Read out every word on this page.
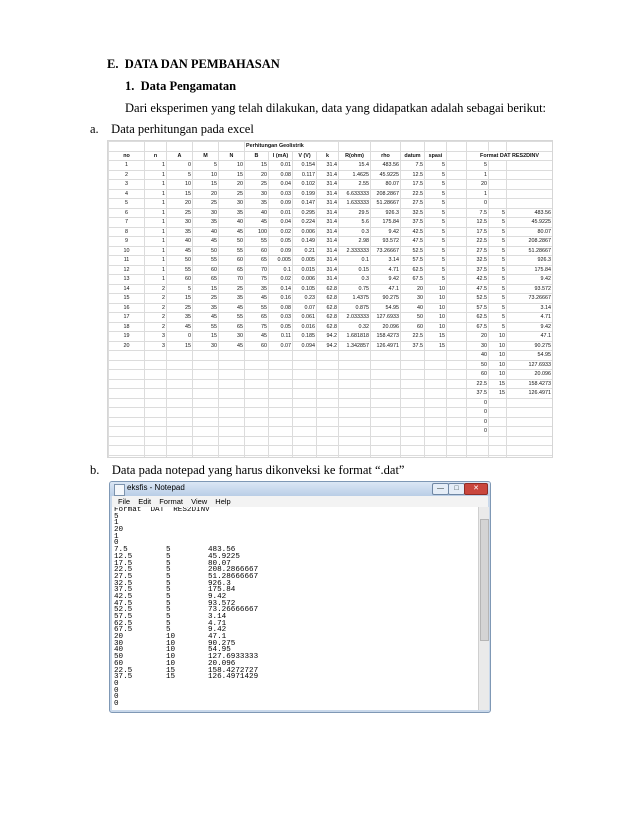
E.  DATA DAN PEMBAHASAN
1.  Data Pengamatan
Dari eksperimen yang telah dilakukan, data yang didapatkan adalah sebagai berikut:
a.    Data perhitungan pada excel
					Perhitungan Geolistrik											
no	n	A	M	N	B	I (mA)	V (V)	k	R(ohm)	rho	datum	spasi		Format DAT RES2DINV		
1	1	0	5	10	15	0.01	0.154	31.4	15.4	483.56	7.5	5		5		
2	1	5	10	15	20	0.08	0.117	31.4	1.4625	45.9225	12.5	5		1		
3	1	10	15	20	25	0.04	0.102	31.4	2.55	80.07	17.5	5		20		
4	1	15	20	25	30	0.03	0.199	31.4	6.633333	208.2867	22.5	5		1		
5	1	20	25	30	35	0.09	0.147	31.4	1.633333	51.28667	27.5	5		0		
6	1	25	30	35	40	0.01	0.295	31.4	29.5	926.3	32.5	5		7.5	5	483.56
7	1	30	35	40	45	0.04	0.224	31.4	5.6	175.84	37.5	5		12.5	5	45.9225
8	1	35	40	45	100	0.02	0.006	31.4	0.3	9.42	42.5	5		17.5	5	80.07
9	1	40	45	50	55	0.05	0.149	31.4	2.98	93.572	47.5	5		22.5	5	208.2867
10	1	45	50	55	60	0.09	0.21	31.4	2.333333	73.26667	52.5	5		27.5	5	51.28667
11	1	50	55	60	65	0.005	0.005	31.4	0.1	3.14	57.5	5		32.5	5	926.3
12	1	55	60	65	70	0.1	0.015	31.4	0.15	4.71	62.5	5		37.5	5	175.84
13	1	60	65	70	75	0.02	0.006	31.4	0.3	9.42	67.5	5		42.5	5	9.42
14	2	5	15	25	35	0.14	0.105	62.8	0.75	47.1	20	10		47.5	5	93.572
15	2	15	25	35	45	0.16	0.23	62.8	1.4375	90.275	30	10		52.5	5	73.26667
16	2	25	35	45	55	0.08	0.07	62.8	0.875	54.95	40	10		57.5	5	3.14
17	2	35	45	55	65	0.03	0.061	62.8	2.033333	127.6933	50	10		62.5	5	4.71
18	2	45	55	65	75	0.05	0.016	62.8	0.32	20.096	60	10		67.5	5	9.42
19	3	0	15	30	45	0.11	0.185	94.2	1.681818	158.4273	22.5	15		20	10	47.1
20	3	15	30	45	60	0.07	0.094	94.2	1.342857	126.4971	37.5	15		30	10	90.275
														40	10	54.95
														50	10	127.6933
														60	10	20.096
														22.5	15	158.4273
														37.5	15	126.4971
														0		
														0		
														0		
														0		

b.    Data pada notepad yang harus dikonveksi ke format “.dat”
eksfis - Notepad	—	□	✕
File Edit Format View Help
Format  DAT  RES2DINV
5
1
20
1
0
7.5	5	483.56
12.5	5	45.9225
17.5	5	80.07
22.5	5	208.2866667
27.5	5	51.28666667
32.5	5	926.3
37.5	5	175.84
42.5	5	9.42
47.5	5	93.572
52.5	5	73.26666667
57.5	5	3.14
62.5	5	4.71
67.5	5	9.42
20	10	47.1
30	10	90.275
40	10	54.95
50	10	127.6933333
60	10	20.096
22.5	15	158.4272727
37.5	15	126.4971429
0
0
0
0
